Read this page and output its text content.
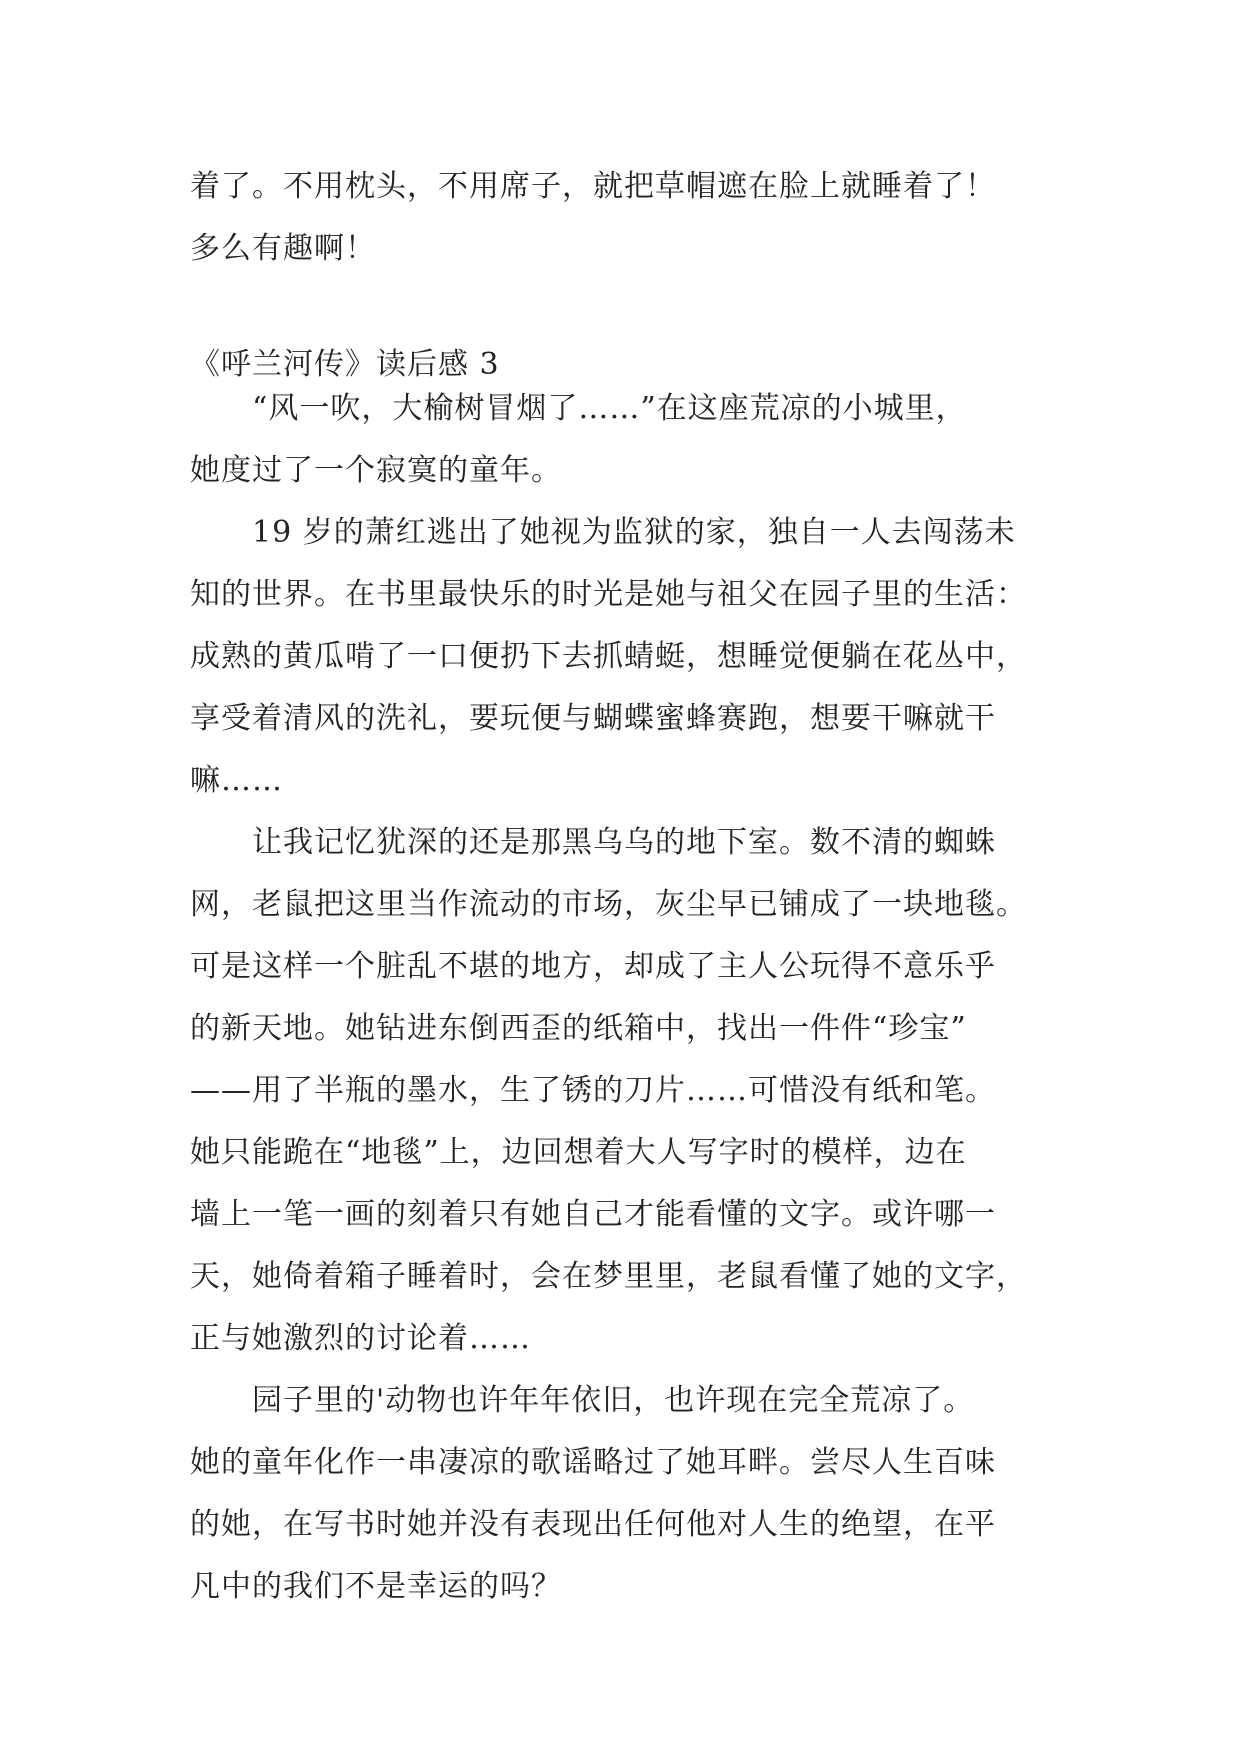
着了。不用枕头，不用席子，就把草帽遮在脸上就睡着了！
多么有趣啊！
《呼兰河传》读后感 3
　　“风一吹，大榆树冒烟了……”在这座荒凉的小城里，
她度过了一个寂寞的童年。
　　19 岁的萧红逃出了她视为监狱的家，独自一人去闯荡未
知的世界。在书里最快乐的时光是她与祖父在园子里的生活：
成熟的黄瓜啃了一口便扔下去抓蜻蜓，想睡觉便躺在花丛中，
享受着清风的洗礼，要玩便与蝴蝶蜜蜂赛跑，想要干嘛就干
嘛……
　　让我记忆犹深的还是那黑乌乌的地下室。数不清的蜘蛛
网，老鼠把这里当作流动的市场，灰尘早已铺成了一块地毯。
可是这样一个脏乱不堪的地方，却成了主人公玩得不意乐乎
的新天地。她钻进东倒西歪的纸箱中，找出一件件“珍宝”
——用了半瓶的墨水，生了锈的刀片……可惜没有纸和笔。
她只能跪在“地毯”上，边回想着大人写字时的模样，边在
墙上一笔一画的刻着只有她自己才能看懂的文字。或许哪一
天，她倚着箱子睡着时，会在梦里里，老鼠看懂了她的文字，
正与她激烈的讨论着……
　　园子里的'动物也许年年依旧，也许现在完全荒凉了。
她的童年化作一串凄凉的歌谣略过了她耳畔。尝尽人生百味
的她，在写书时她并没有表现出任何他对人生的绝望，在平
凡中的我们不是幸运的吗？
